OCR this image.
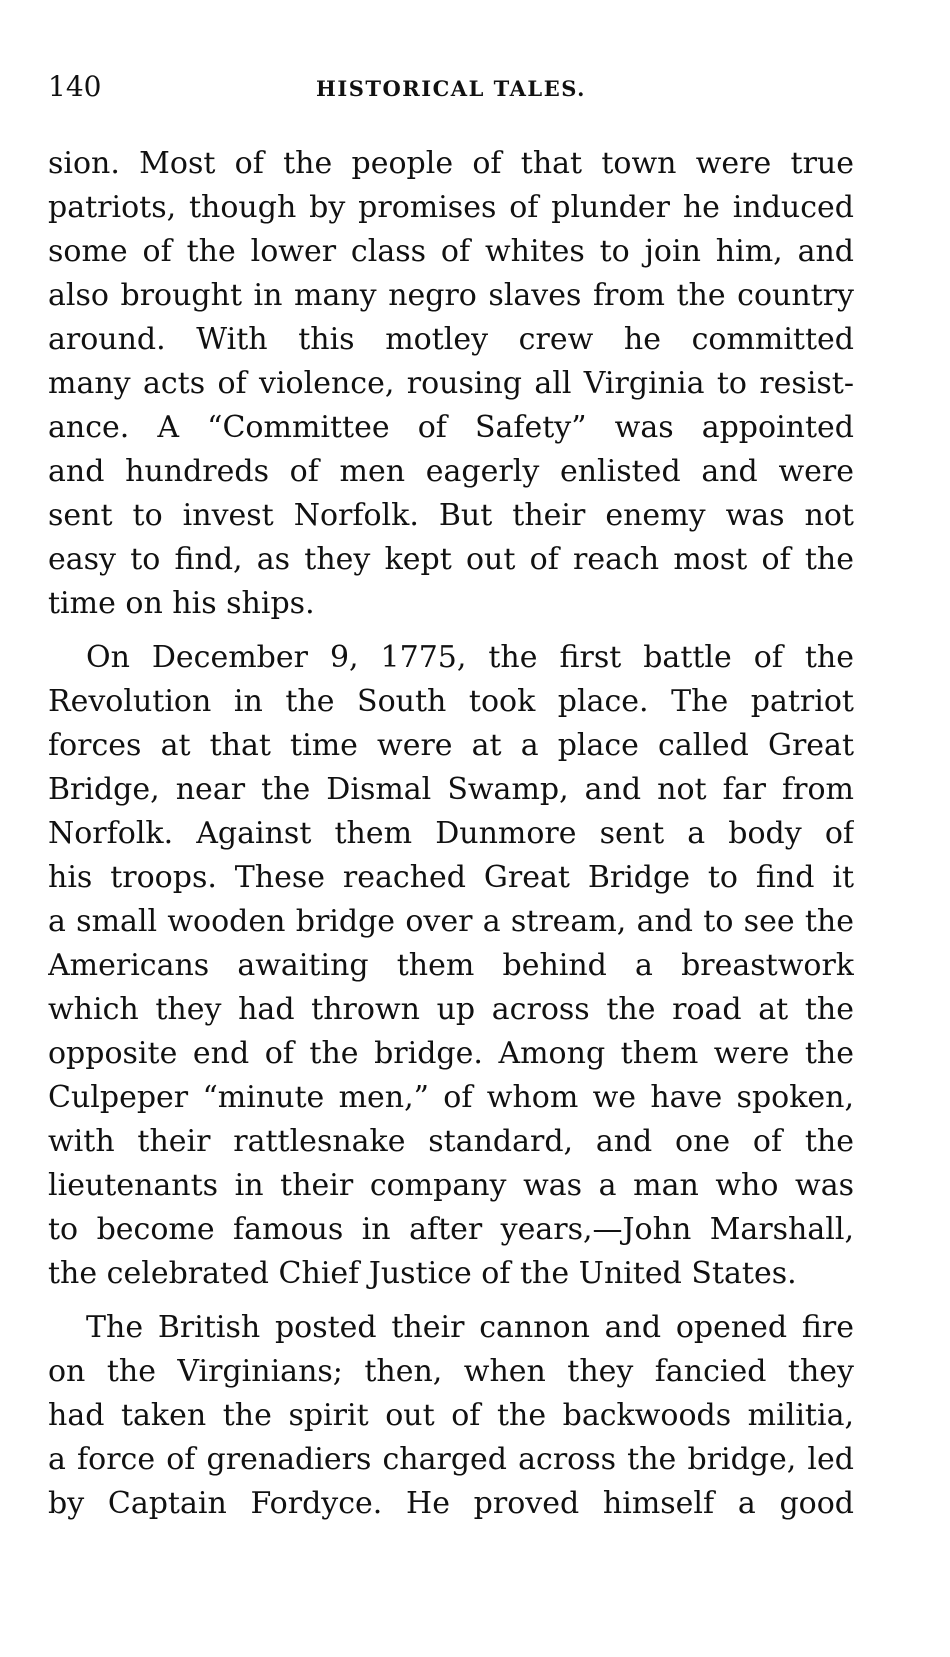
140	HISTORICAL TALES.

sion. Most of the people of that town were true
patriots, though by promises of plunder he induced
some of the lower class of whites to join him, and
also brought in many negro slaves from the country
around. With this motley crew he committed
many acts of violence, rousing all Virginia to resist-
ance. A “Committee of Safety” was appointed
and hundreds of men eagerly enlisted and were
sent to invest Norfolk. But their enemy was not
easy to find, as they kept out of reach most of the
time on his ships.

On December 9, 1775, the first battle of the
Revolution in the South took place. The patriot
forces at that time were at a place called Great
Bridge, near the Dismal Swamp, and not far from
Norfolk. Against them Dunmore sent a body of
his troops. These reached Great Bridge to find it
a small wooden bridge over a stream, and to see the
Americans awaiting them behind a breastwork
which they had thrown up across the road at the
opposite end of the bridge. Among them were the
Culpeper “minute men,” of whom we have spoken,
with their rattlesnake standard, and one of the
lieutenants in their company was a man who was
to become famous in after years,—John Marshall,
the celebrated Chief Justice of the United States.

The British posted their cannon and opened fire
on the Virginians; then, when they fancied they
had taken the spirit out of the backwoods militia,
a force of grenadiers charged across the bridge, led
by Captain Fordyce. He proved himself a good
